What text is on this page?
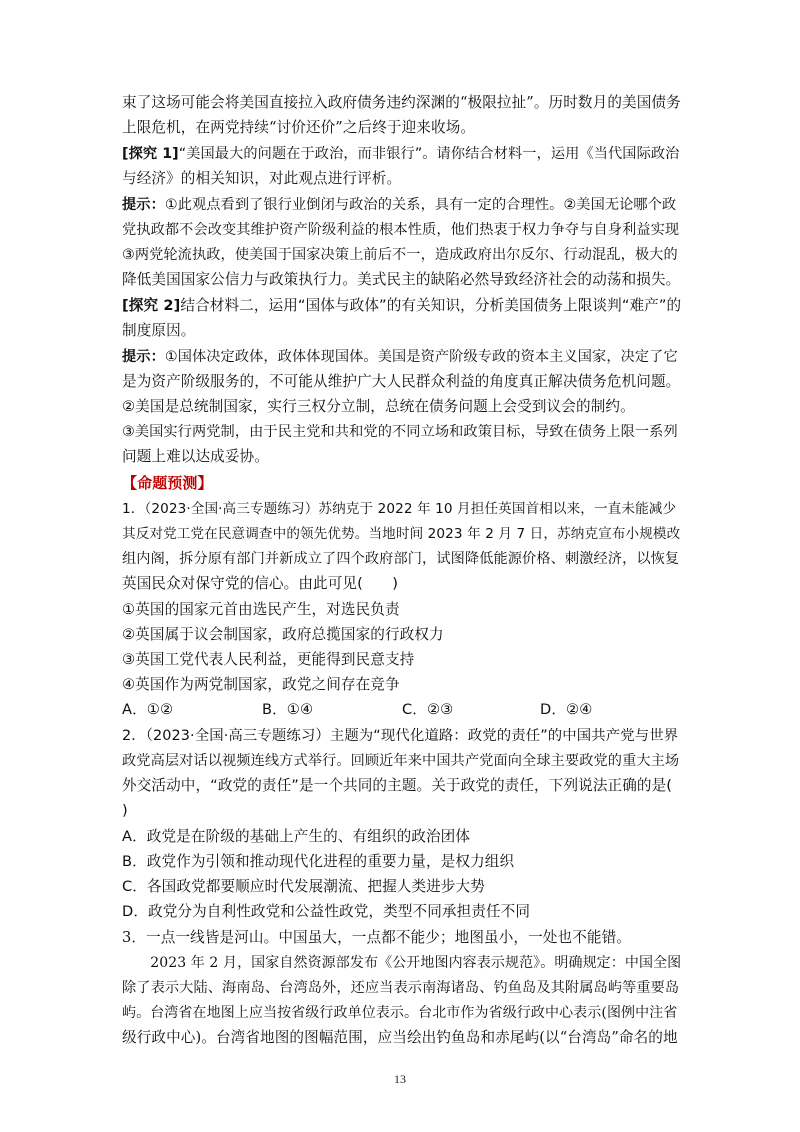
束了这场可能会将美国直接拉入政府债务违约深渊的“极限拉扯”。历时数月的美国债务
上限危机，在两党持续“讨价还价”之后终于迎来收场。
[探究 1]“美国最大的问题在于政治，而非银行”。请你结合材料一，运用《当代国际政治
与经济》的相关知识，对此观点进行评析。
提示：①此观点看到了银行业倒闭与政治的关系，具有一定的合理性。②美国无论哪个政
党执政都不会改变其维护资产阶级利益的根本性质，他们热衷于权力争夺与自身利益实现
③两党轮流执政，使美国于国家决策上前后不一，造成政府出尔反尔、行动混乱，极大的
降低美国国家公信力与政策执行力。美式民主的缺陷必然导致经济社会的动荡和损失。
[探究 2]结合材料二，运用“国体与政体”的有关知识，分析美国债务上限谈判“难产”的
制度原因。
提示：①国体决定政体，政体体现国体。美国是资产阶级专政的资本主义国家，决定了它
是为资产阶级服务的，不可能从维护广大人民群众利益的角度真正解决债务危机问题。
②美国是总统制国家，实行三权分立制，总统在债务问题上会受到议会的制约。
③美国实行两党制，由于民主党和共和党的不同立场和政策目标，导致在债务上限一系列
问题上难以达成妥协。
【命题预测】
1．（2023·全国·高三专题练习）苏纳克于 2022 年 10 月担任英国首相以来，一直未能减少
其反对党工党在民意调查中的领先优势。当地时间 2023 年 2 月 7 日，苏纳克宣布小规模改
组内阁，拆分原有部门并新成立了四个政府部门，试图降低能源价格、刺激经济，以恢复
英国民众对保守党的信心。由此可见(　　)
①英国的国家元首由选民产生，对选民负责
②英国属于议会制国家，政府总揽国家的行政权力
③英国工党代表人民利益，更能得到民意支持
④英国作为两党制国家，政党之间存在竞争
A．①②	B．①④	C．②③	D．②④
2．（2023·全国·高三专题练习）主题为“现代化道路：政党的责任”的中国共产党与世界
政党高层对话以视频连线方式举行。回顾近年来中国共产党面向全球主要政党的重大主场
外交活动中，“政党的责任”是一个共同的主题。关于政党的责任，下列说法正确的是(
)
A．政党是在阶级的基础上产生的、有组织的政治团体
B．政党作为引领和推动现代化进程的重要力量，是权力组织
C．各国政党都要顺应时代发展潮流、把握人类进步大势
D．政党分为自利性政党和公益性政党，类型不同承担责任不同
3．一点一线皆是河山。中国虽大，一点都不能少；地图虽小，一处也不能错。
　　2023 年 2 月，国家自然资源部发布《公开地图内容表示规范》。明确规定：中国全图
除了表示大陆、海南岛、台湾岛外，还应当表示南海诸岛、钓鱼岛及其附属岛屿等重要岛
屿。台湾省在地图上应当按省级行政单位表示。台北市作为省级行政中心表示(图例中注省
级行政中心)。台湾省地图的图幅范围，应当绘出钓鱼岛和赤尾屿(以“台湾岛”命名的地
13
